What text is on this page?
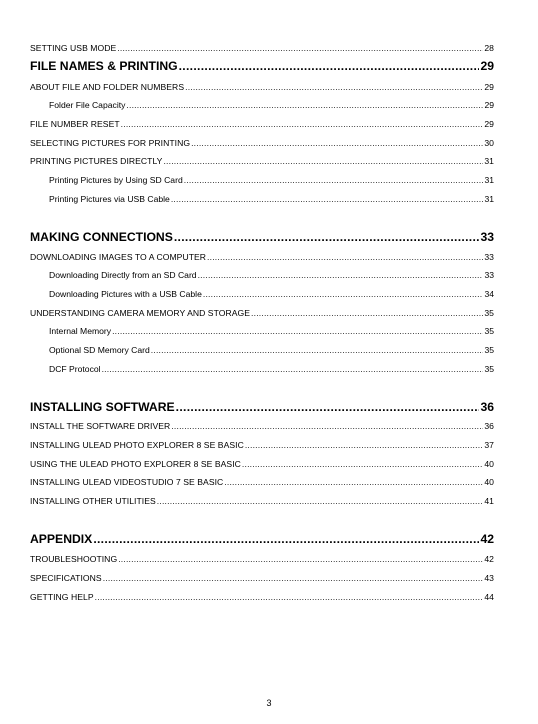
SETTING USB MODE .....	28
FILE NAMES & PRINTING .....	29
ABOUT FILE AND FOLDER NUMBERS .....	29
Folder File Capacity .....	29
FILE NUMBER RESET .....	29
SELECTING PICTURES FOR PRINTING .....	30
PRINTING PICTURES DIRECTLY .....	31
Printing Pictures by Using SD Card .....	31
Printing Pictures via USB Cable .....	31
MAKING CONNECTIONS .....	33
DOWNLOADING IMAGES TO A COMPUTER .....	33
Downloading Directly from an SD Card .....	33
Downloading Pictures with a USB Cable .....	34
UNDERSTANDING CAMERA MEMORY AND STORAGE .....	35
Internal Memory .....	35
Optional SD Memory Card .....	35
DCF Protocol .....	35
INSTALLING SOFTWARE .....	36
INSTALL THE SOFTWARE DRIVER .....	36
INSTALLING ULEAD PHOTO EXPLORER 8 SE BASIC .....	37
USING THE ULEAD PHOTO EXPLORER 8 SE BASIC .....	40
INSTALLING ULEAD VIDEOSTUDIO 7 SE BASIC .....	40
INSTALLING OTHER UTILITIES .....	41
APPENDIX .....	42
TROUBLESHOOTING .....	42
SPECIFICATIONS .....	43
GETTING HELP .....	44
3
